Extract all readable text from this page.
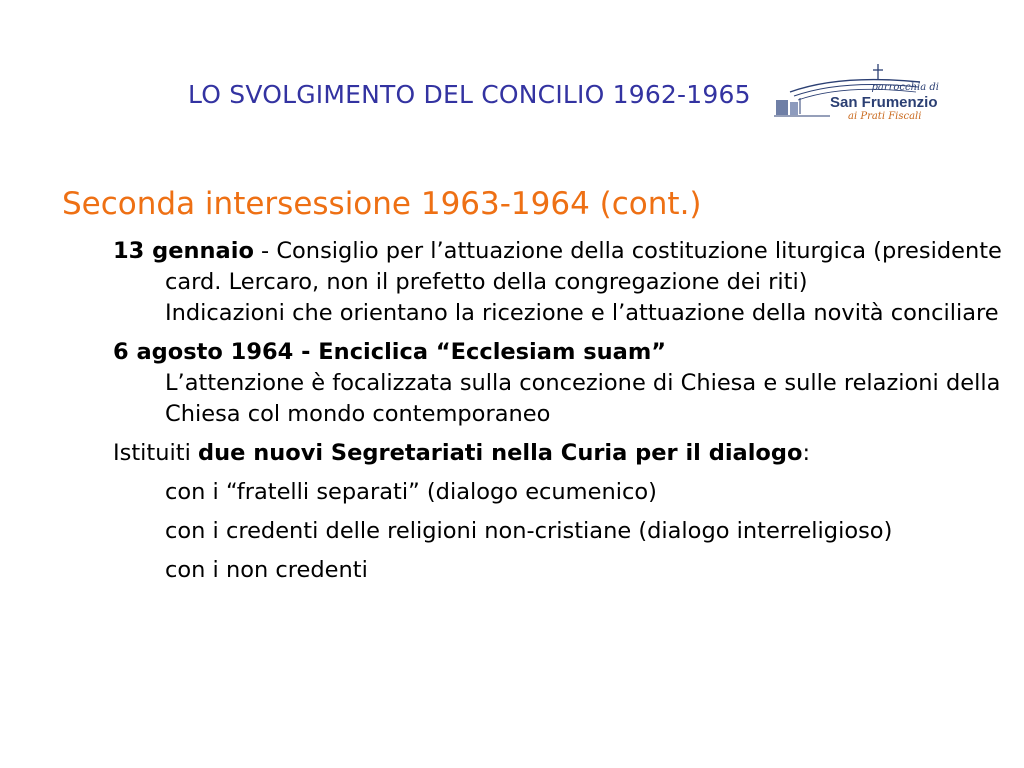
LO SVOLGIMENTO DEL CONCILIO 1962-1965	parrocchia di
San Frumenzio
ai Prati Fiscali
Seconda intersessione 1963-1964 (cont.)
13 gennaio - Consiglio per l’attuazione della costituzione liturgica (presidente card. Lercaro, non il prefetto della congregazione dei riti)
Indicazioni che orientano la ricezione e l’attuazione della novità conciliare
6 agosto 1964 - Enciclica “Ecclesiam suam”
L’attenzione è focalizzata sulla concezione di Chiesa e sulle relazioni della Chiesa col mondo contemporaneo
Istituiti due nuovi Segretariati nella Curia per il dialogo:
con i “fratelli separati” (dialogo ecumenico)
con i credenti delle religioni non-cristiane (dialogo interreligioso)
con i non credenti
